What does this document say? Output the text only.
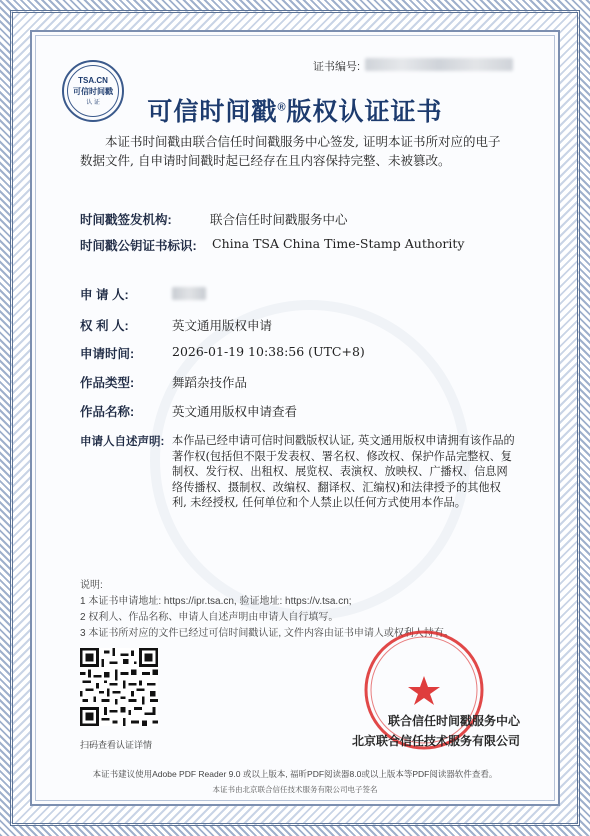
TSA.CN
可信时间戳
认 证
证书编号:
可信时间戳®版权认证证书
本证书时间戳由联合信任时间戳服务中心签发, 证明本证书所对应的电子数据文件, 自申请时间戳时起已经存在且内容保持完整、未被篡改。
时间戳签发机构:	联合信任时间戳服务中心
时间戳公钥证书标识: China TSA China Time-Stamp Authority
申 请 人:
权 利 人:	英文通用版权申请
申请时间:	2026-01-19 10:38:56 (UTC+8)
作品类型:	舞蹈杂技作品
作品名称:	英文通用版权申请查看
申请人自述声明: 本作品已经申请可信时间戳版权认证, 英文通用版权申请拥有该作品的著作权(包括但不限于发表权、署名权、修改权、保护作品完整权、复制权、发行权、出租权、展览权、表演权、放映权、广播权、信息网络传播权、摄制权、改编权、翻译权、汇编权)和法律授予的其他权利, 未经授权, 任何单位和个人禁止以任何方式使用本作品。
说明:
1 本证书申请地址: https://ipr.tsa.cn, 验证地址: https://v.tsa.cn;
2 权利人、作品名称、申请人自述声明由申请人自行填写。
3 本证书所对应的文件已经过可信时间戳认证, 文件内容由证书申请人或权利人持有。
扫码查看认证详情
联合信任时间戳服务中心
北京联合信任技术服务有限公司
本证书建议使用Adobe PDF Reader 9.0 或以上版本, 福昕PDF阅读器8.0或以上版本等PDF阅读器软件查看。
本证书由北京联合信任技术服务有限公司电子签名
